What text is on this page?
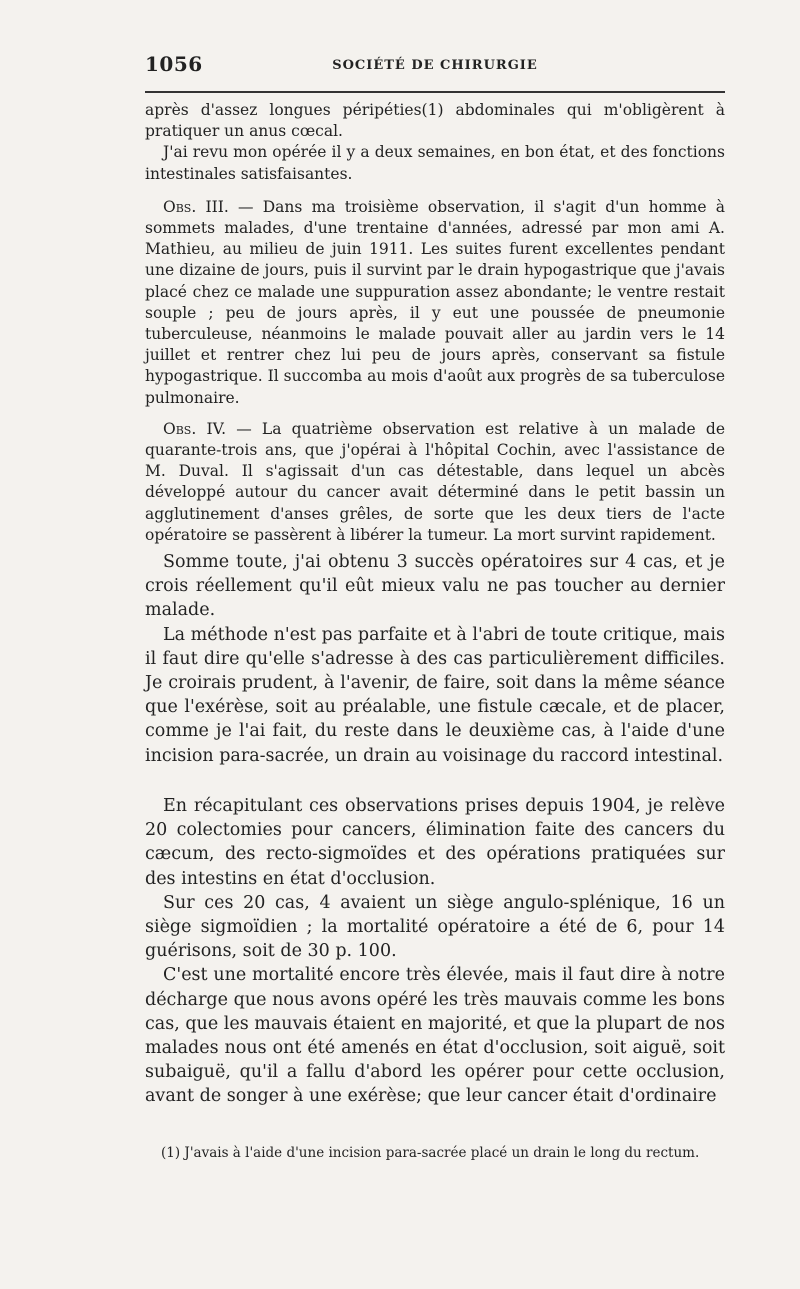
1056	SOCIÉTÉ DE CHIRURGIE

après d'assez longues péripéties(1) abdominales qui m'obligèrent à pratiquer un anus cœcal.

J'ai revu mon opérée il y a deux semaines, en bon état, et des fonctions intestinales satisfaisantes.

Obs. III. — Dans ma troisième observation, il s'agit d'un homme à sommets malades, d'une trentaine d'années, adressé par mon ami A. Mathieu, au milieu de juin 1911. Les suites furent excellentes pendant une dizaine de jours, puis il survint par le drain hypogastrique que j'avais placé chez ce malade une suppuration assez abondante; le ventre restait souple ; peu de jours après, il y eut une poussée de pneumonie tuberculeuse, néanmoins le malade pouvait aller au jardin vers le 14 juillet et rentrer chez lui peu de jours après, conservant sa fistule hypogastrique. Il succomba au mois d'août aux progrès de sa tuberculose pulmonaire.

Obs. IV. — La quatrième observation est relative à un malade de quarante-trois ans, que j'opérai à l'hôpital Cochin, avec l'assistance de M. Duval. Il s'agissait d'un cas détestable, dans lequel un abcès développé autour du cancer avait déterminé dans le petit bassin un agglutinement d'anses grêles, de sorte que les deux tiers de l'acte opératoire se passèrent à libérer la tumeur. La mort survint rapidement.

Somme toute, j'ai obtenu 3 succès opératoires sur 4 cas, et je crois réellement qu'il eût mieux valu ne pas toucher au dernier malade.

La méthode n'est pas parfaite et à l'abri de toute critique, mais il faut dire qu'elle s'adresse à des cas particulièrement difficiles. Je croirais prudent, à l'avenir, de faire, soit dans la même séance que l'exérèse, soit au préalable, une fistule cæcale, et de placer, comme je l'ai fait, du reste dans le deuxième cas, à l'aide d'une incision para-sacrée, un drain au voisinage du raccord intestinal.

En récapitulant ces observations prises depuis 1904, je relève 20 colectomies pour cancers, élimination faite des cancers du cæcum, des recto-sigmoïdes et des opérations pratiquées sur des intestins en état d'occlusion.

Sur ces 20 cas, 4 avaient un siège angulo-splénique, 16 un siège sigmoïdien ; la mortalité opératoire a été de 6, pour 14 guérisons, soit de 30 p. 100.

C'est une mortalité encore très élevée, mais il faut dire à notre décharge que nous avons opéré les très mauvais comme les bons cas, que les mauvais étaient en majorité, et que la plupart de nos malades nous ont été amenés en état d'occlusion, soit aiguë, soit subaiguë, qu'il a fallu d'abord les opérer pour cette occlusion, avant de songer à une exérèse; que leur cancer était d'ordinaire

(1) J'avais à l'aide d'une incision para-sacrée placé un drain le long du rectum.
